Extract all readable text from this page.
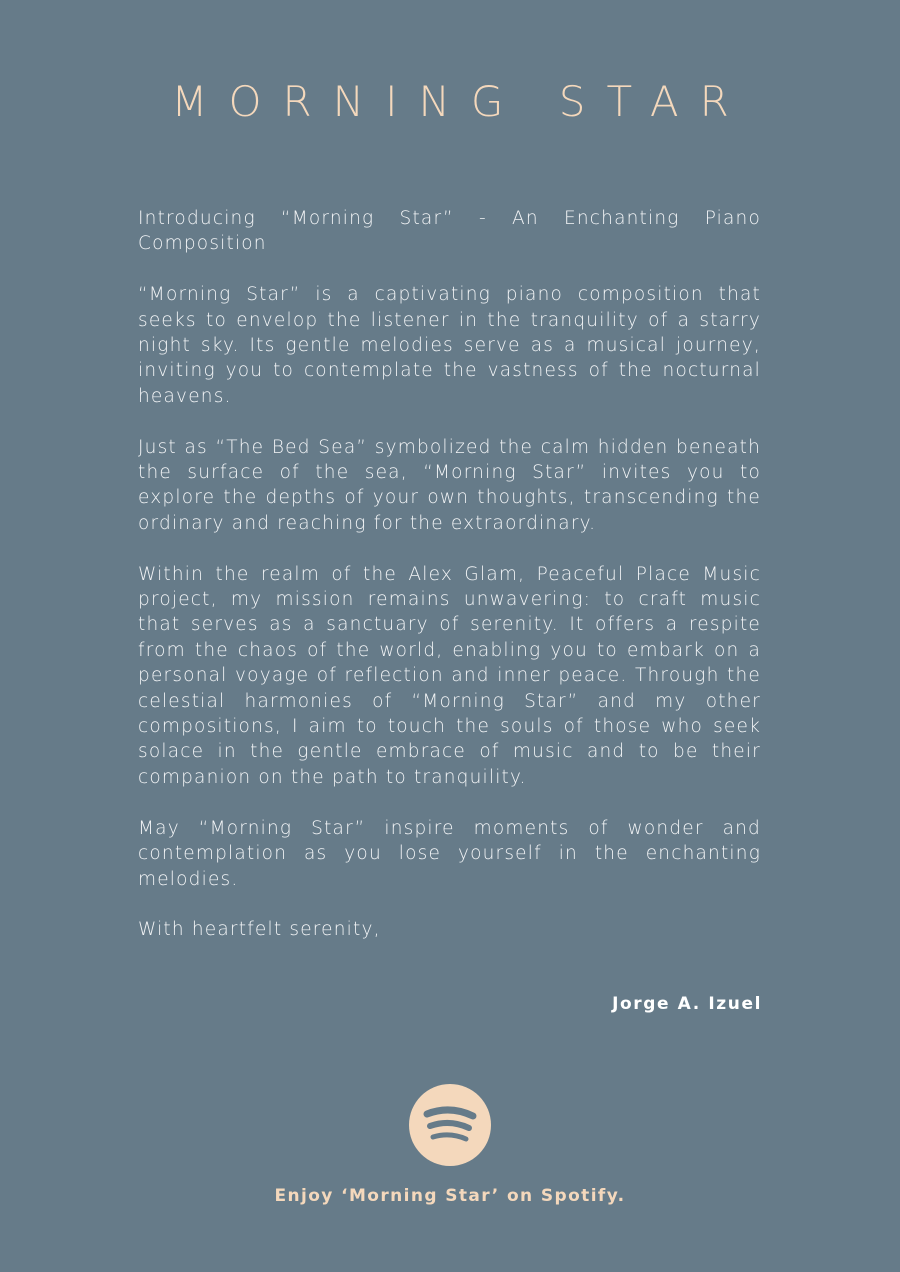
MORNING STAR

Introducing “Morning Star” - An Enchanting Piano Composition

“Morning Star” is a captivating piano composition that seeks to envelop the listener in the tranquility of a starry night sky. Its gentle melodies serve as a musical journey, inviting you to contemplate the vastness of the nocturnal heavens.

Just as “The Bed Sea” symbolized the calm hidden beneath the surface of the sea, “Morning Star” invites you to explore the depths of your own thoughts, transcending the ordinary and reaching for the extraordinary.

Within the realm of the Alex Glam, Peaceful Place Music project, my mission remains unwavering: to craft music that serves as a sanctuary of serenity. It offers a respite from the chaos of the world, enabling you to embark on a personal voyage of reflection and inner peace. Through the celestial harmonies of “Morning Star” and my other compositions, I aim to touch the souls of those who seek solace in the gentle embrace of music and to be their companion on the path to tranquility.

May “Morning Star” inspire moments of wonder and contemplation as you lose yourself in the enchanting melodies.

With heartfelt serenity,

Jorge A. Izuel
Enjoy ‘Morning Star’ on Spotify.
